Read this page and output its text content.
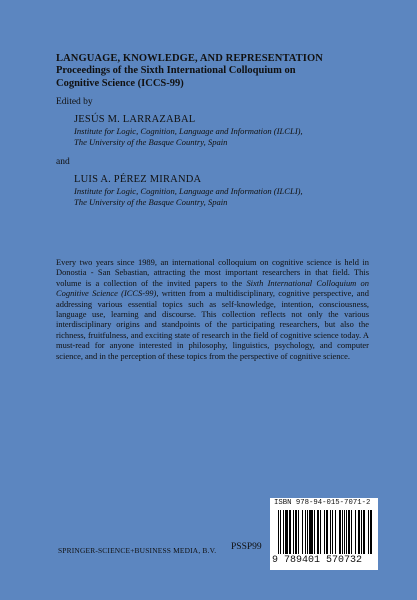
LANGUAGE, KNOWLEDGE, AND REPRESENTATION
Proceedings of the Sixth International Colloquium on
Cognitive Science (ICCS-99)
Edited by
JESÚS M. LARRAZABAL
Institute for Logic, Cognition, Language and Information (ILCLI),
The University of the Basque Country, Spain
and
LUIS A. PÉREZ MIRANDA
Institute for Logic, Cognition, Language and Information (ILCLI),
The University of the Basque Country, Spain
Every two years since 1989, an international colloquium on cognitive science is held in Donostia - San Sebastian, attracting the most important researchers in that field. This volume is a collection of the invited papers to the Sixth International Colloquium on Cognitive Science (ICCS-99), written from a multidisciplinary, cognitive perspective, and addressing various essential topics such as self-knowledge, intention, consciousness, language use, learning and discourse. This collection reflects not only the various interdisciplinary origins and standpoints of the participating researchers, but also the richness, fruitfulness, and exciting state of research in the field of cognitive science today. A must-read for anyone interested in philosophy, linguistics, psychology, and computer science, and in the perception of these topics from the perspective of cognitive science.
SPRINGER-SCIENCE+BUSINESS MEDIA, B.V. PSSP99
ISBN 978-94-015-7071-2
9 789401 570732
